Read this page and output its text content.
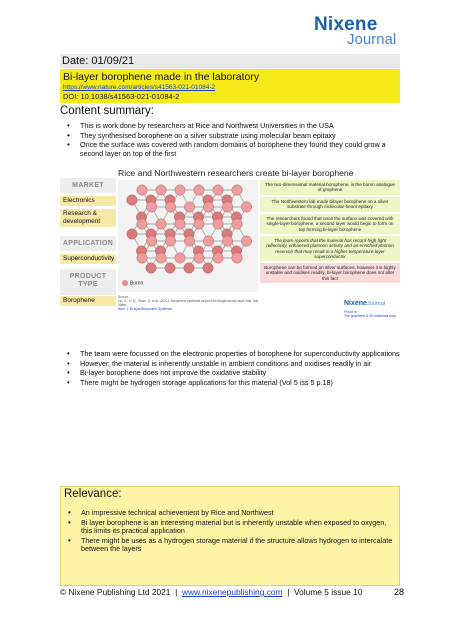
Nixene
Journal
Date: 01/09/21
Bi-layer borophene made in the laboratory
https://www.nature.com/articles/s41563-021-01084-2
DOI: 10.1038/s41563-021-01084-2
Content summary:
• This is work done by researchers at Rice and Northwest Universities in the USA
• They synthesised borophene on a silver substrate using molecular beam epitaxy
• Once the surface was covered with random domains of borophene they found they could grow a second layer on top of the first
Rice and Northwestern researchers create bi-layer borophene
MARKET
Electronics
Research & development
APPLICATION
Superconductivity
PRODUCT TYPE
Borophene
Boron
The two-dimensional material borophene, is the boron analogue of graphene
The Northwestern lab made bilayer borophene on a silver substrate through molecular-beam epitaxy
The researchers found that once the surface was covered with single-layer borophene, a second layer would begin to form on top forming bi-layer borophene
The team reports that the material has record-high light reflectivity, enhanced plasmon activity and an enriched phonon reservoir that may result in a higher-temperature layer superconductor
Borophene can be formed on silver surfaces, however it is highly unstable and oxidises readily, bi-layer borophene does not alter this fact
Source:
Liu, X., Li, Q., Ruan, Q. et al. (2021). Borophene synthesis beyond the single-atomic-layer limit. Nat. Mater.
Web: 1. Bi-layer/Borophene-Synthesis
NixeneJournal
Find it in
The graphene & 2D materials map
• The team were focussed on the electronic properties of borophene for superconductivity applications
• However, the material is inherently unstable in ambient conditions and oxidises readily in air
• Bi-layer borophene does not improve the oxidative stability
• There might be hydrogen storage applications for this material (Vol 5 iss 5 p.18)
Relevance:
• An impressive technical achievement by Rice and Northwest
• Bi layer borophene is an interesting material but is inherently unstable when exposed to oxygen, this limits its practical application
• There might be uses as a hydrogen storage material if the structure allows hydrogen to intercalate between the layers
© Nixene Publishing Ltd 2021 | www.nixenepublishing.com | Volume 5 issue 10	28
